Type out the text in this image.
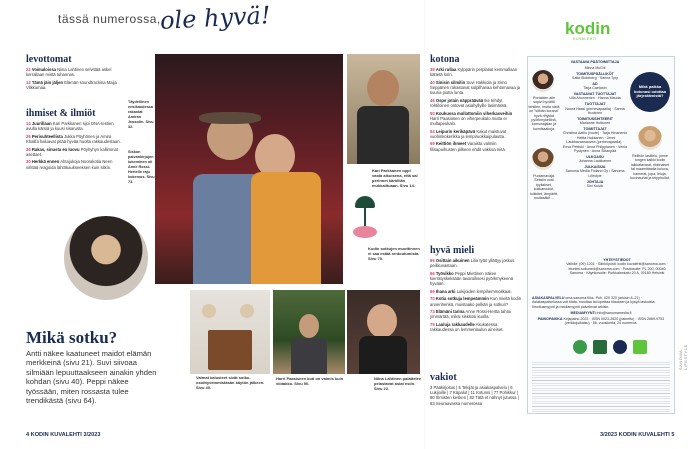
tässä numerossa,
ole hyvä!	kodin
KUVALEHTI
levottomat
22 Voimaloissa Niina Lahtinen selvittää askel kerrallaan mistä tuhannas.
12 Tämä jäin jäljen Elämän soundtrackina Maija Vilkkumaa.
ihmiset & ilmiöt
14 Juurillaan Kari Parkkanen sijoi DNA-testien avulla kärsiä ja kuusi sisarusta.
26 Perisuhteellista Jukka Pöyhönen ja Amira Khalifa haluavat pitää hyvää huolta rakkaudestaan.
36 Rakas, sinusta en luovu Pöyhyhyn kallimmat asettaet.
30 Herkkä ennen Ahtajukoja Noorakotia Neen virittää reagoida lähtökaukseeksen kuin sitkin.
Täydellinen ensikaudessa rakastat Amiran Jussolin. Sivu 32.
Siskon paivankirjojen lukeminen oli Anne Rossi-Hertelle raju kokemus. Sivu 73.
Mikä sotku?
Antti näkee kaatuneet maidot elämän merkkeinä (sivu 21). Suvi siivoaa silmiään lepuuttaakseen ainakin yhden kohdan (sivu 40). Peppi näkee työssään, miten rossasta tulee trendikästä (sivu 64).
Kari Parkkanen oppi vasta aikuisena, että sai perinnet kärkiliän mukkailtuaan. Sivu 14.
Kodin sotkujen muottinnen ei saa estää rentoutumista. Sivu 70.
Valmat kalusteet sivät sotku-osoittyvemmistäsän käytön jälkeen. Sivu 40.
Harri Paasiseen koti on valmis kuin viidakko. Sivu 50.
Niina Lahtinen palattelee pelastavat asiat esiin. Sivu 22.
kotona
39 Arki rullaa Kylppärin perplatiat kemmallaan kättetä lorin.
40 Sinisin silmilin Suvi Hakkiola ja Simo Seppänen rakastavat sulpilhavaa kehtomavaa ja suuria piutta lunta.
46 Ospe jotain näppräävää Ike tehdyt rohtiloinen ontovat asiahyllyille lasimässä.
50 Koukussa mullattomiin viherkasveihin Harri Paasiosen on viherpeukalo mutta ei multapeukalo.
54 Leipurin kerikäpävä Kakut maistuvat vuohinkokerikka ja lempiruokkaipulautta.
59 Keittiön ihmeet Varaista valmiin filisapuihusten pilkeen ehdit vakkoa mitä.
hyvä mieli
65 Osittain aikuinen Lilia tyttö yllättyy joskus peilikuvastaan.
66 Työvikko Peppi Miettinen näkee kierrätyskeksään tavaroiksesi pyörkmykeenä hyvään.
69 Ihana arki Lukijoiden lempihemmoitkaat.
70 Kotia sotkuja lempeämmin Kun mieltä kodin annenhenkä, muistaako pelkän ja sotkun?
73 Elämäni tarina Anne Rossi-Hertta tahtoi ymmärtää, miksi siskkosi kuolla.
75 Lauluja rakkaudelle Akukatessa rakkaudessa on lemmenlaulun aineiset.
vakiot
3 Pääkirjoitus | 5 Tekijät ja asiakaspalvelu | 6 Lukijoille | 7 Käpalut | 11 Kotunni | 77 Pohikkur | 80 Ihmisten kesken | 82 Tätä et nähnyt jutussa | 83 Seuraavassa numerossa
Portaiden alle sopivi hyvältä tehtiien, mutta sielä on "sitkiän korana" hyvä rihykkä pyörkmykeäinä, kamunajalan ja luomisaakoja.
Puolamavaja. Seksiin ovat tyyliakset, kukkaruukut, tuikkitet, ämpäritt, multasäkit ...
VASTAAVA PÄÄTOIMITTAJA
Minna McGill
TOIMITUSPÄÄLLIKÖT
Salla Stoteberg · Sanna Tyry
AD
Tarja Caetanin
VASTAAVAT TUOTTAJAT
Ulla Ahonnenen · Hanna Mauda
TUOTTAJAT
Noora Hassi (perhevapaalla) · Sanna Huotinen
TOIMITUSSIHTEERIT
Marianne Huttunen
TOIMITTAJAT
Christina Aatlio (vuote) · Tarja Hinanenio · Heitta Hukkanen · Jenni Laukkavaanauvea (perhevapaalla) · Eeva Pettiski · Anna Philppianen · Venla Pystynen · Anna Siltanpää
ULKOASU
Johanna Laukkanen
JULKAISIJA
Sanoma Media Finland Oy / Sanoma Lifestyle
JOHTAJA
Sini Kuivik
Mikä paikka kotonasi odottaa järjestämistä?
Reilhön lasilleiu, jonne tungen kaikki kodin laikkatavarat, rikkinaiset tai maamittaalla kuluva, kamerat, jopa, leluja, kuvinauhat ja teippirullat.
YHTEYSTIEDOT
Vaihde: (09) 1201 · Sähköposti: kodin.kuvalehti@sanoma.com · etunimi.sukunimi@sanoma.com · Postiosoite: PL 200, 00040 Sanoma · Käyntiosoite: Porkkalankatu 20 A, 00180 Helsinki
ASIAKASPALVELU oma.sanoma.fi/ks. Puh. 020 320 (arkisin 8–21) · Asiakaspalvelussa voit tilata, muuttaa tai lopettaa tilauksen ja kysyä laskuista. Ilmoitusmyynti ja mediamyynti palvelevat arkisin.
MEDIAMYYNTI info@sanomamedia.fi
PAINOPAIKKA Kirjapaino 2023 · ISSN 0023-2620 (painettu) · ISSN 2669-9753 (verkkojulkaisu) · 56. vuosikerta, 24 numeroa.
SANOMA LIFESTYLE
4 KODIN KUVALEHTI 3/2023	3/2023 KODIN KUVALEHTI 5
